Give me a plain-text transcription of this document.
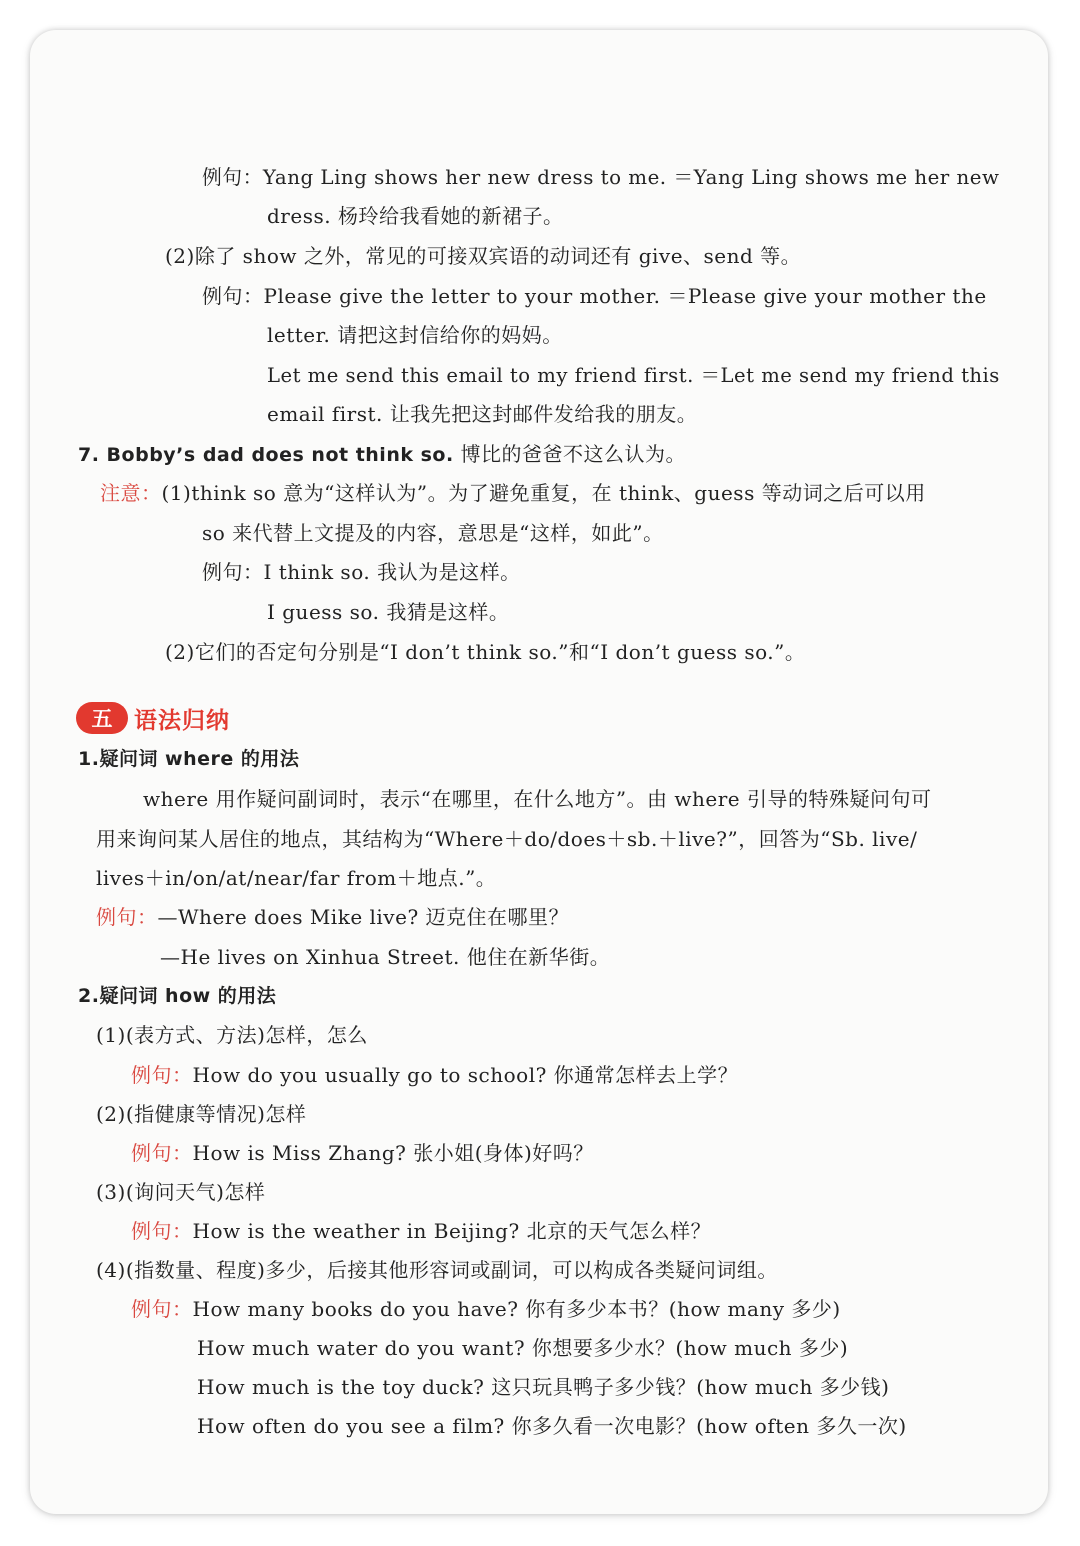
例句：Yang Ling shows her new dress to me. ＝Yang Ling shows me her new
dress. 杨玲给我看她的新裙子。
(2)除了 show 之外，常见的可接双宾语的动词还有 give、send 等。
例句：Please give the letter to your mother. ＝Please give your mother the
letter. 请把这封信给你的妈妈。
Let me send this email to my friend first. ＝Let me send my friend this
email first. 让我先把这封邮件发给我的朋友。
7. Bobby’s dad does not think so. 博比的爸爸不这么认为。
注意：(1)think so 意为“这样认为”。为了避免重复，在 think、guess 等动词之后可以用
so 来代替上文提及的内容，意思是“这样，如此”。
例句：I think so. 我认为是这样。
I guess so. 我猜是这样。
(2)它们的否定句分别是“I don’t think so.”和“I don’t guess so.”。
五 语法归纳
1.疑问词 where 的用法
where 用作疑问副词时，表示“在哪里，在什么地方”。由 where 引导的特殊疑问句可
用来询问某人居住的地点，其结构为“Where＋do/does＋sb.＋live?”，回答为“Sb. live/
lives＋in/on/at/near/far from＋地点.”。
例句：—Where does Mike live? 迈克住在哪里？
—He lives on Xinhua Street. 他住在新华街。
2.疑问词 how 的用法
(1)(表方式、方法)怎样，怎么
例句：How do you usually go to school? 你通常怎样去上学？
(2)(指健康等情况)怎样
例句：How is Miss Zhang? 张小姐(身体)好吗？
(3)(询问天气)怎样
例句：How is the weather in Beijing? 北京的天气怎么样？
(4)(指数量、程度)多少，后接其他形容词或副词，可以构成各类疑问词组。
例句：How many books do you have? 你有多少本书？(how many 多少)
How much water do you want? 你想要多少水？(how much 多少)
How much is the toy duck? 这只玩具鸭子多少钱？(how much 多少钱)
How often do you see a film? 你多久看一次电影？(how often 多久一次)
